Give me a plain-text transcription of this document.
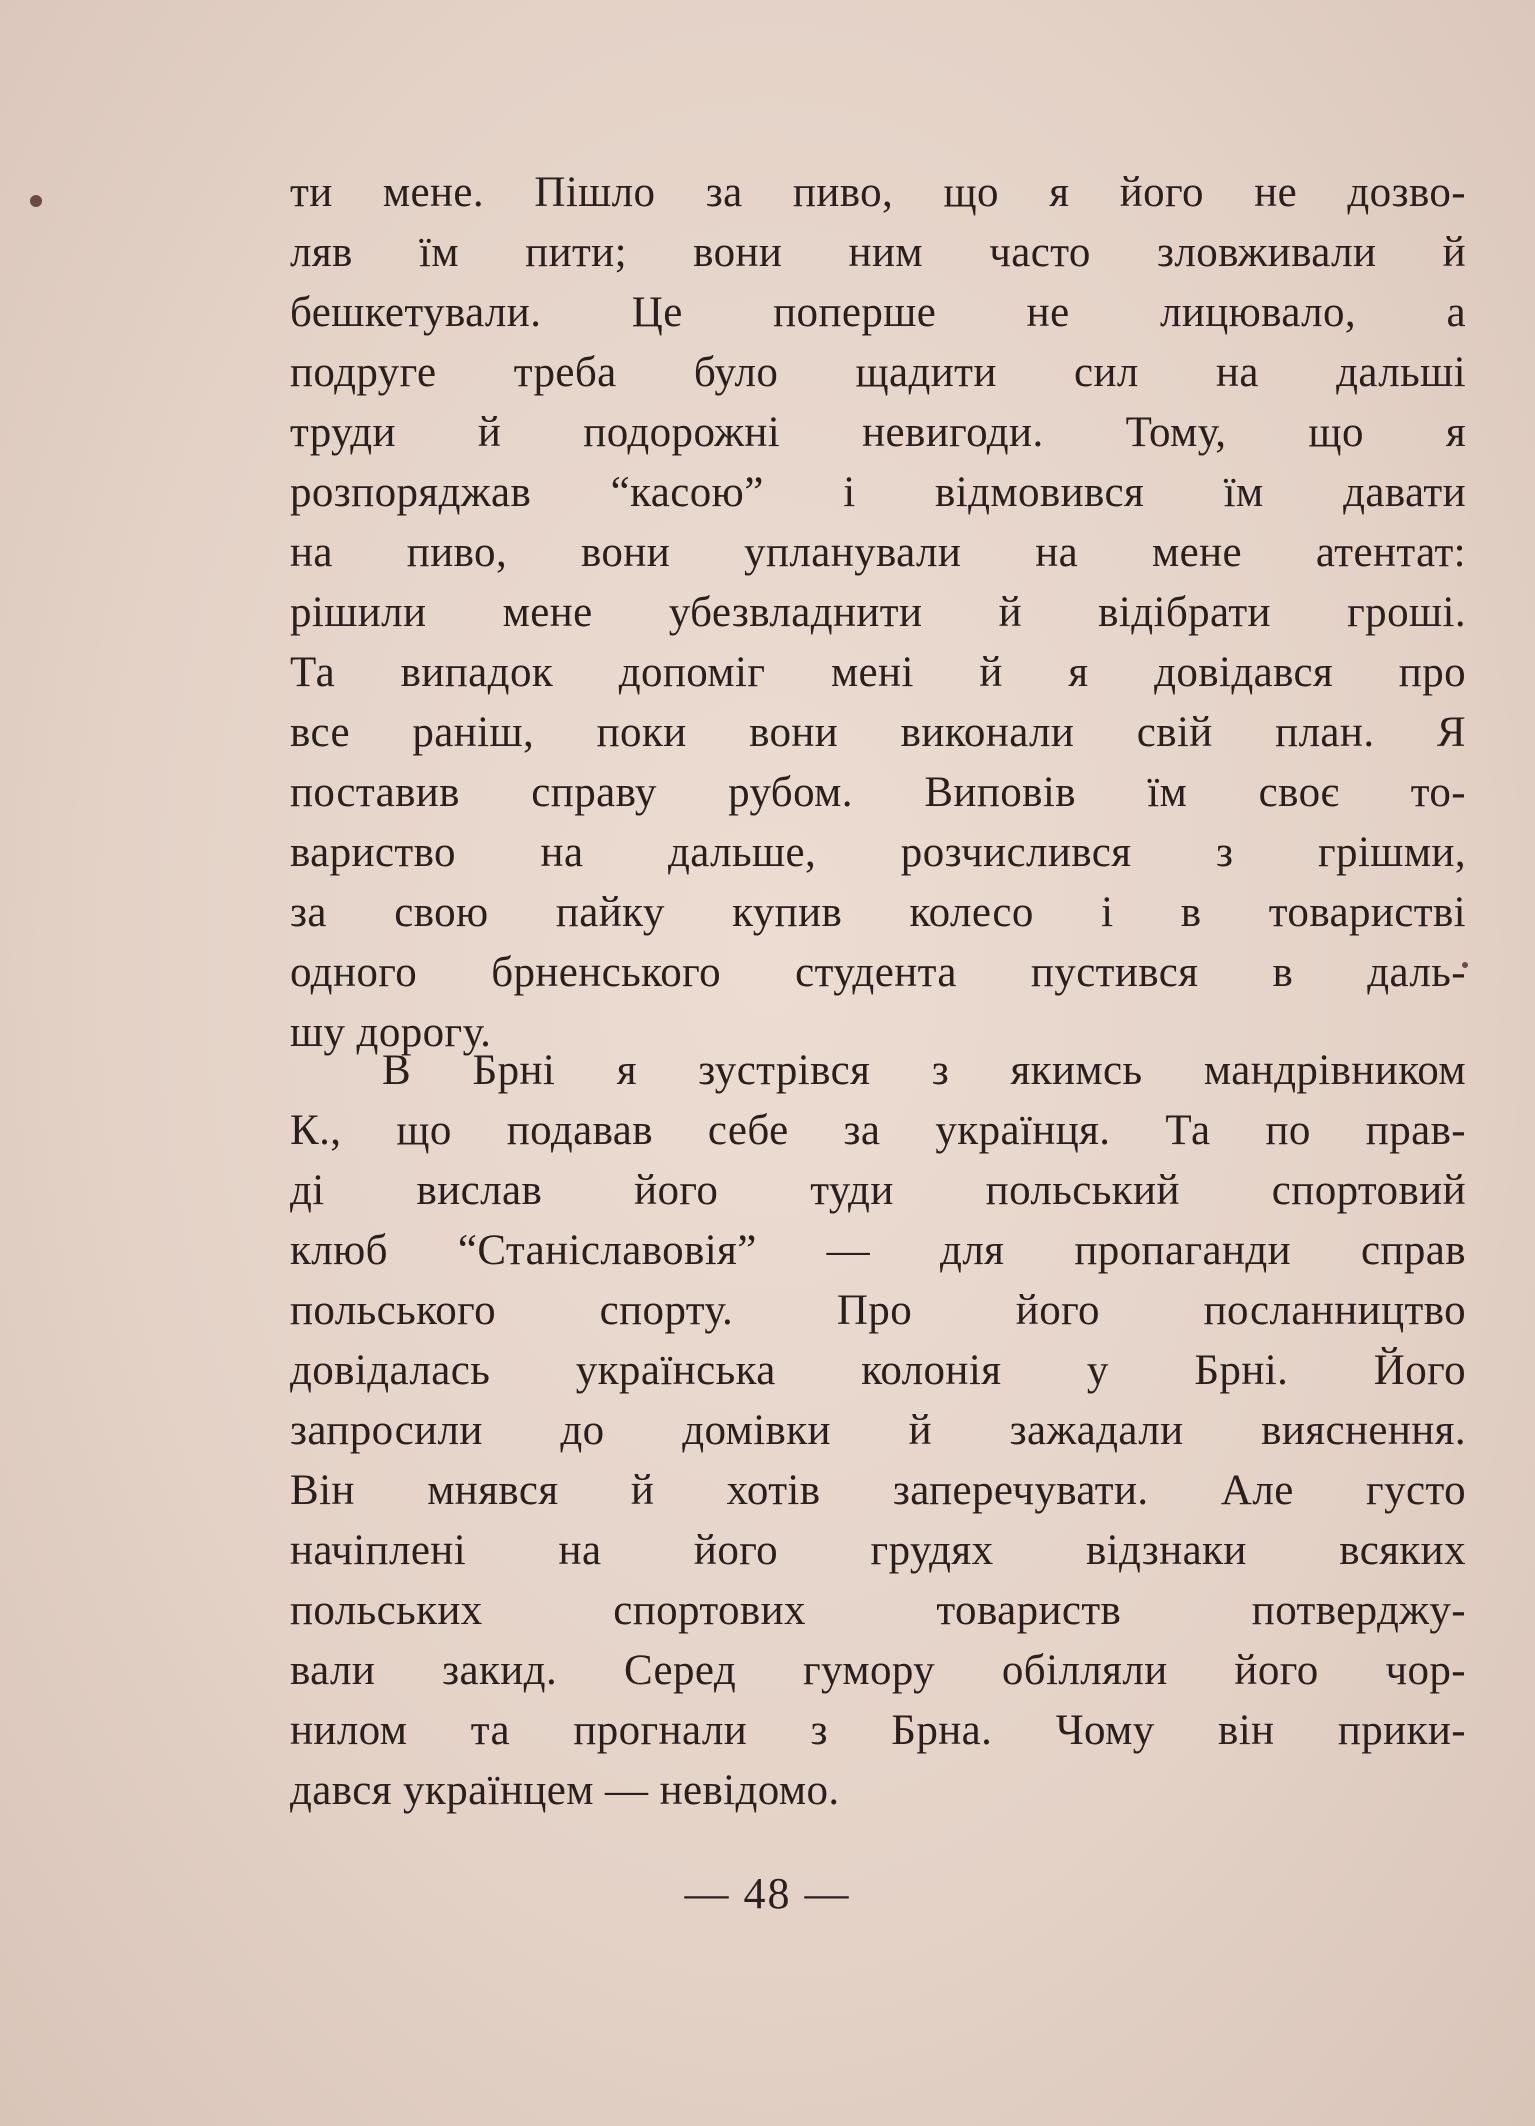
ти мене. Пішло за пиво, що я його не дозво-
ляв їм пити; вони ним часто зловживали й
бешкетували. Це поперше не лицювало, а
подруге треба було щадити сил на дальші
труди й подорожні невигоди. Тому, що я
розпоряджав “касою” і відмовився їм давати
на пиво, вони упланували на мене атентат:
рішили мене убезвладнити й відібрати гроші.
Та випадок допоміг мені й я довідався про
все раніш, поки вони виконали свій план. Я
поставив справу рубом. Виповів їм своє то-
вариство на дальше, розчислився з грішми,
за свою пайку купив колесо і в товаристві
одного брненського студента пустився в даль-
шу дорогу.
В Брні я зустрівся з якимсь мандрівником
К., що подавав себе за українця. Та по прав-
ді вислав його туди польський спортовий
клюб “Станіславовія” — для пропаганди справ
польського спорту. Про його посланництво
довідалась українська колонія у Брні. Його
запросили до домівки й зажадали вияснення.
Він мнявся й хотів заперечувати. Але густо
начіплені на його грудях відзнаки всяких
польських спортових товариств потверджу-
вали закид. Серед гумору обілляли його чор-
нилом та прогнали з Брна. Чому він прики-
дався українцем — невідомо.
— 48 —
